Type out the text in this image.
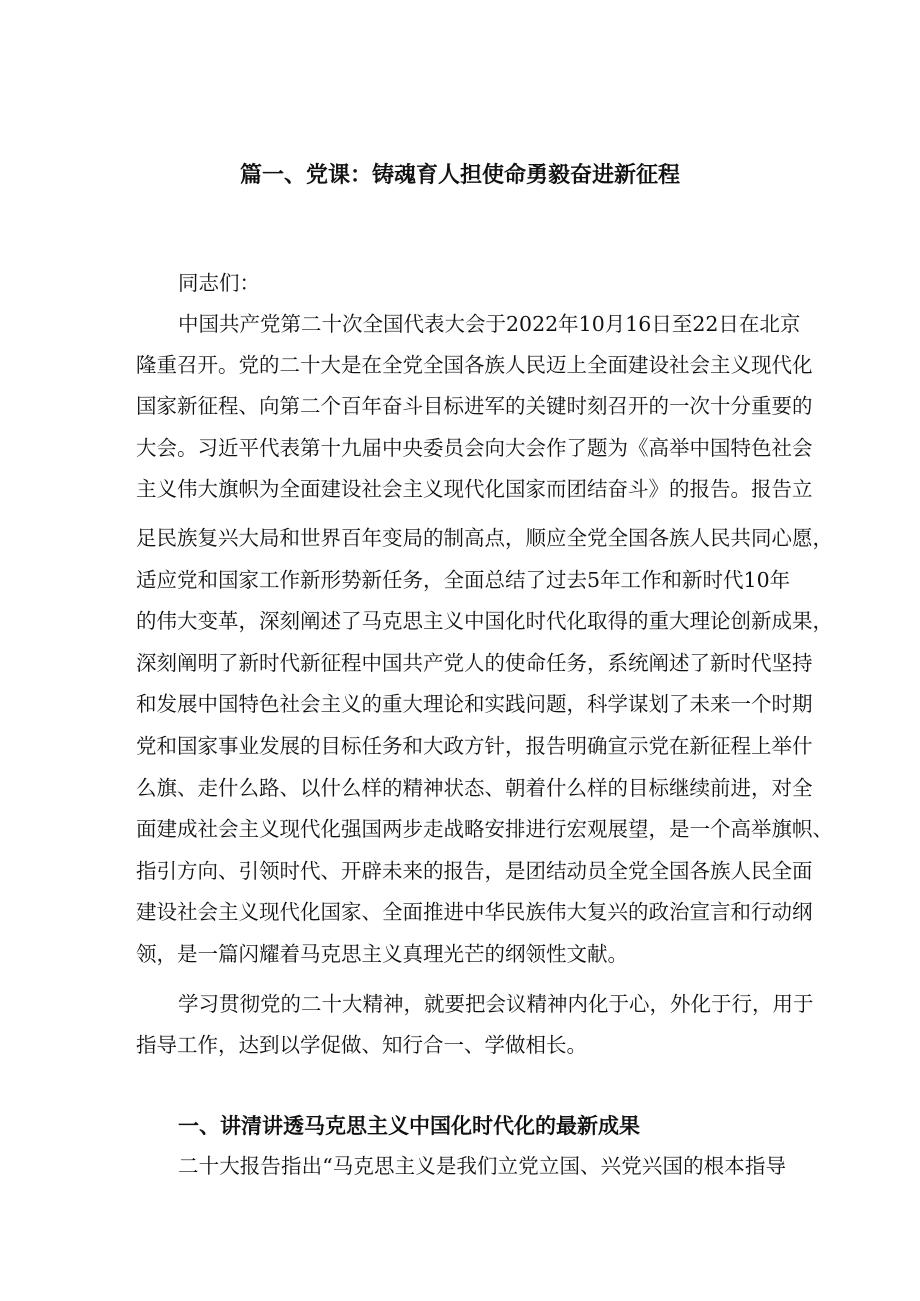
篇一、党课：铸魂育人担使命勇毅奋进新征程
同志们：
中国共产党第二十次全国代表大会于2022年10月16日至22日在北京
隆重召开。党的二十大是在全党全国各族人民迈上全面建设社会主义现代化
国家新征程、向第二个百年奋斗目标进军的关键时刻召开的一次十分重要的
大会。习近平代表第十九届中央委员会向大会作了题为《高举中国特色社会
主义伟大旗帜为全面建设社会主义现代化国家而团结奋斗》的报告。报告立
足民族复兴大局和世界百年变局的制高点，顺应全党全国各族人民共同心愿，
适应党和国家工作新形势新任务，全面总结了过去5年工作和新时代10年
的伟大变革，深刻阐述了马克思主义中国化时代化取得的重大理论创新成果，
深刻阐明了新时代新征程中国共产党人的使命任务，系统阐述了新时代坚持
和发展中国特色社会主义的重大理论和实践问题，科学谋划了未来一个时期
党和国家事业发展的目标任务和大政方针，报告明确宣示党在新征程上举什
么旗、走什么路、以什么样的精神状态、朝着什么样的目标继续前进，对全
面建成社会主义现代化强国两步走战略安排进行宏观展望，是一个高举旗帜、
指引方向、引领时代、开辟未来的报告，是团结动员全党全国各族人民全面
建设社会主义现代化国家、全面推进中华民族伟大复兴的政治宣言和行动纲
领，是一篇闪耀着马克思主义真理光芒的纲领性文献。
学习贯彻党的二十大精神，就要把会议精神内化于心，外化于行，用于
指导工作，达到以学促做、知行合一、学做相长。
一、讲清讲透马克思主义中国化时代化的最新成果
二十大报告指出“马克思主义是我们立党立国、兴党兴国的根本指导
